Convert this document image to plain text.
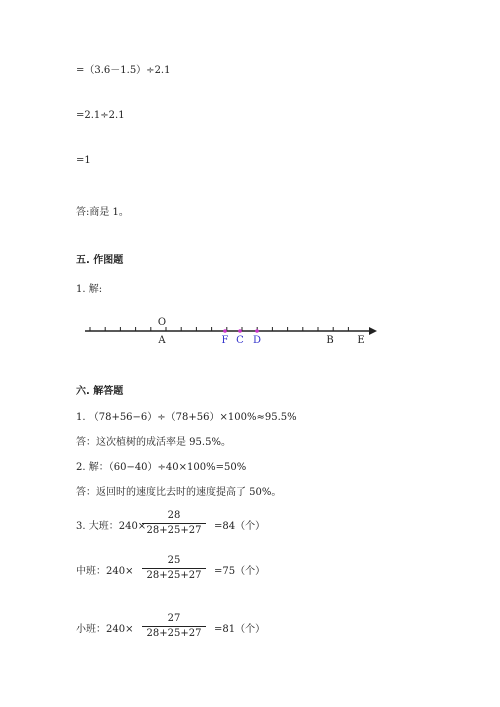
=（3.6－1.5）÷2.1
=2.1÷2.1
=1
答:商是 1。
五. 作图题
1. 解:
O
A	F C D	B E
六. 解答题
1. （78+56−6）÷（78+56）×100%≈95.5%
答：这次植树的成活率是 95.5%。
2. 解：（60−40）÷40×100%=50%
答：返回时的速度比去时的速度提高了 50%。
3. 大班：240×
28
28+25+27	=84（个）
中班：240×
25
28+25+27	=75（个）
小班：240×
27
28+25+27	=81（个）
